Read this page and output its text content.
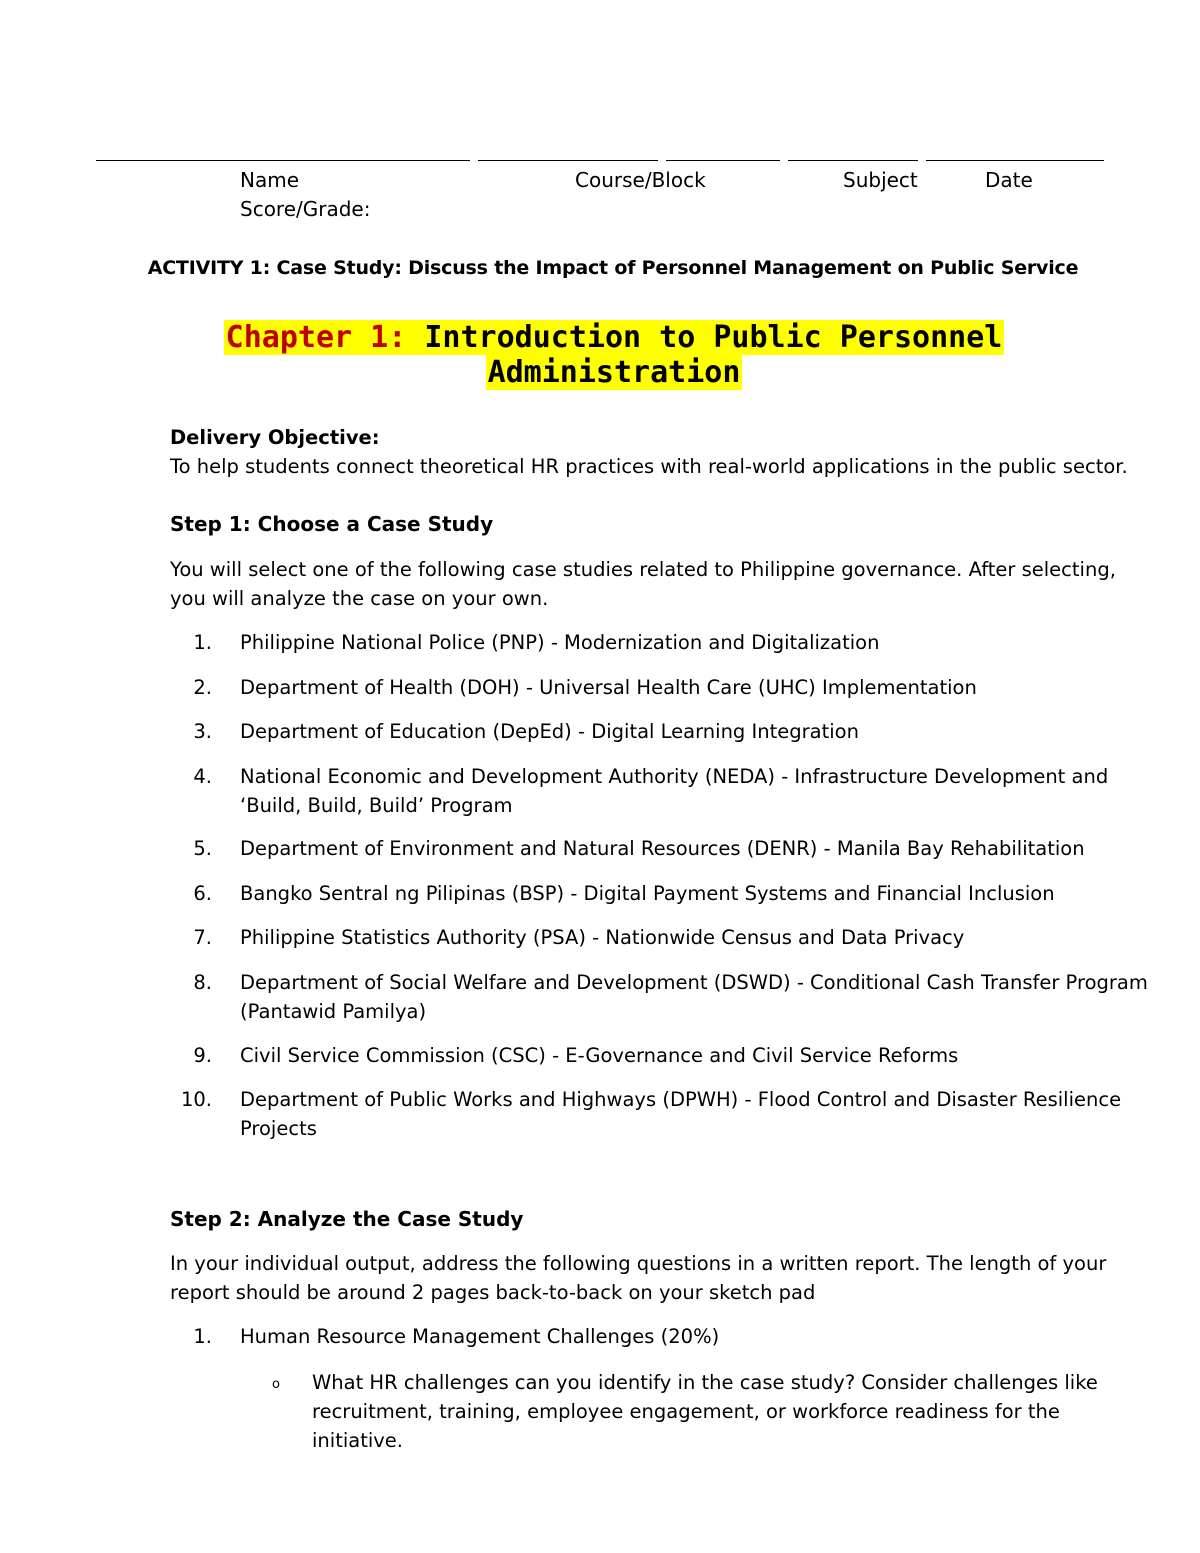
Name	Course/Block	Subject	Date
Score/Grade:
ACTIVITY 1: Case Study: Discuss the Impact of Personnel Management on Public Service
Chapter 1: Introduction to Public Personnel
Administration
Delivery Objective:
To help students connect theoretical HR practices with real-world applications in the public sector.
Step 1: Choose a Case Study
You will select one of the following case studies related to Philippine governance. After selecting,
you will analyze the case on your own.
1.	Philippine National Police (PNP) - Modernization and Digitalization
2.	Department of Health (DOH) - Universal Health Care (UHC) Implementation
3.	Department of Education (DepEd) - Digital Learning Integration
4.	National Economic and Development Authority (NEDA) - Infrastructure Development and
‘Build, Build, Build’ Program
5.	Department of Environment and Natural Resources (DENR) - Manila Bay Rehabilitation
6.	Bangko Sentral ng Pilipinas (BSP) - Digital Payment Systems and Financial Inclusion
7.	Philippine Statistics Authority (PSA) - Nationwide Census and Data Privacy
8.	Department of Social Welfare and Development (DSWD) - Conditional Cash Transfer Program
(Pantawid Pamilya)
9.	Civil Service Commission (CSC) - E-Governance and Civil Service Reforms
10.	Department of Public Works and Highways (DPWH) - Flood Control and Disaster Resilience
Projects
Step 2: Analyze the Case Study
In your individual output, address the following questions in a written report. The length of your
report should be around 2 pages back-to-back on your sketch pad
1.	Human Resource Management Challenges (20%)
o What HR challenges can you identify in the case study? Consider challenges like
recruitment, training, employee engagement, or workforce readiness for the
initiative.
